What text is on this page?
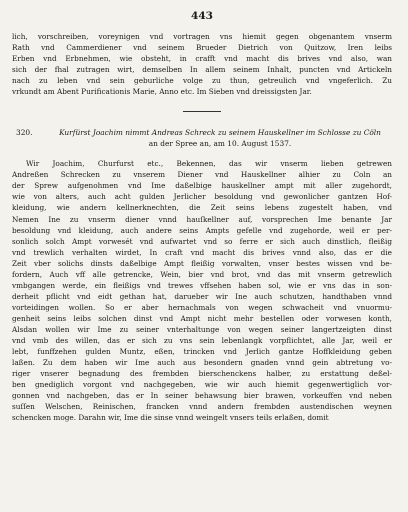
443
lich, vorschreiben, voreynigen vnd vortragen vns hiemit gegen obgenantem vnserm
Rath vnd Cammerdiener vnd seinem Brueder Dietrich von Quitzow, Iren leibs
Erben vnd Erbnehmen, wie obsteht, in crafft vnd macht dis brives vnd also, wan
sich der fhal zutragen wirt, demselben In allem seinem Inhalt, puncten vnd Artickeln
nach zu leben vnd sein geburliche volge zu thun, getreulich vnd vngeferlich. Zu
vrkundt am Abent Purificationis Marie, Anno etc. Im Sieben vnd dreissigsten Jar.
320.	Kurfürst Joachim nimmt Andreas Schreck zu seinem Hauskellner im Schlosse zu Cöln
an der Spree an, am 10. August 1537.
Wir Joachim, Churfurst etc., Bekennen, das wir vnserm lieben getrewen
Andreßen Schrecken zu vnserem Diener vnd Hauskellner alhier zu Coln an
der Sprew aufgenohmen vnd Ime daßelbige hauskellner ampt mit aller zugehordt,
wie von alters, auch acht gulden Jerlicher besoldung vnd gewonlicher gantzen Hof-
kleidung, wie andern kellnerknechten, die Zeit seins lebens zugestelt haben, vnd
Nemen Ine zu vnserm diener vnnd hauſkellner auf, vorsprechen Ime benante Jar
besoldung vnd kleidung, auch andere seins Ampts gefelle vnd zugehorde, weil er per-
sonlich solch Ampt vorwesét vnd aufwartet vnd so ferre er sich auch dinstlich, fleißig
vnd trewlich verhalten wirdet, In craft vnd macht dis brives vnnd also, das er die
Zeit vber solichs dinsts daßelbige Ampt fleißig vorwalten, vnser bestes wissen vnd be-
fordern, Auch vff alle getrencke, Wein, bier vnd brot, vnd das mit vnserm getrewlich
vmbgangen werde, ein fleißigs vnd trewes vffsehen haben sol, wie er vns das in son-
derheit pflicht vnd eidt gethan hat, darueber wir Ine auch schutzen, handthaben vnnd
vorteidingen wollen. So er aber hernachmals von wegen schwacheit vnd vnuormu-
genheit seins leibs solchen dinst vnd Ampt nicht mehr bestellen oder vorwesen konth,
Alsdan wollen wir Ime zu seiner vnterhaltunge von wegen seiner langertzeigten dinst
vnd vmb des willen, das er sich zu vns sein lebenlangk vorpflichtet, alle Jar, weil er
lebt, funffzehen gulden Muntz, eßen, trincken vnd Jerlich gantze Hoffkleidung geben
laßen. Zu dem haben wir Ime auch aus besondern gnaden vnnd gein abtretung vo-
riger vnserer begnadung des frembden bierschenckens halber, zu erstattung deßel-
ben gnediglich vorgont vnd nachgegeben, wie wir auch hiemit gegenwertiglich vor-
gonnen vnd nachgeben, das er In seiner behawsung bier brawen, vorkeuffen vnd neben
suſſen Welschen, Reinischen, francken vnnd andern frembden austendischen weynen
schencken moge. Darahn wir, Ime die sinse vnnd weingelt vnsers teils erlaßen, domit
